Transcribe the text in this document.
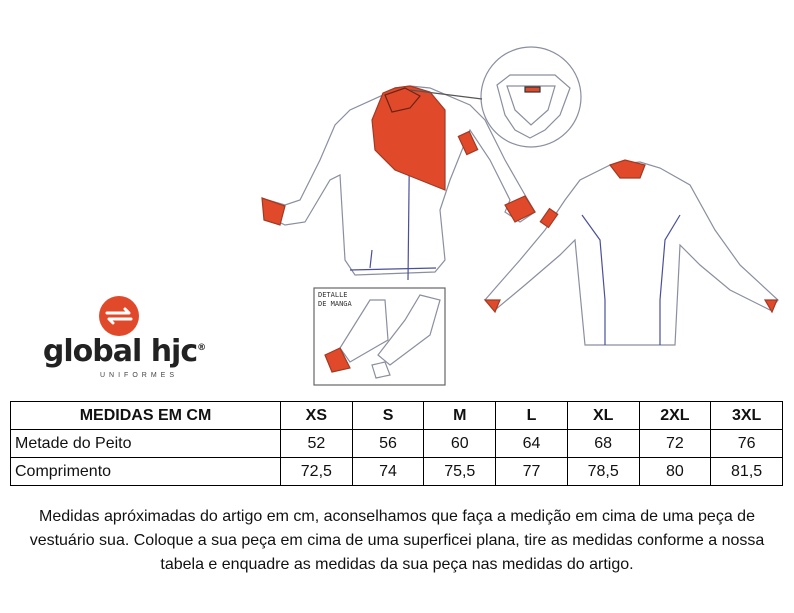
DETALLE
DE MANGA
global hjc®
UNIFORMES
MEDIDAS EM CM	XS	S	M	L	XL	2XL	3XL
Metade do Peito	52	56	60	64	68	72	76
Comprimento	72,5	74	75,5	77	78,5	80	81,5
Medidas apróximadas do artigo em cm, aconselhamos que faça a medição em cima de uma peça de vestuário sua. Coloque a sua peça em cima de uma superficei plana, tire as medidas conforme a nossa tabela e enquadre as medidas da sua peça nas medidas do artigo.
